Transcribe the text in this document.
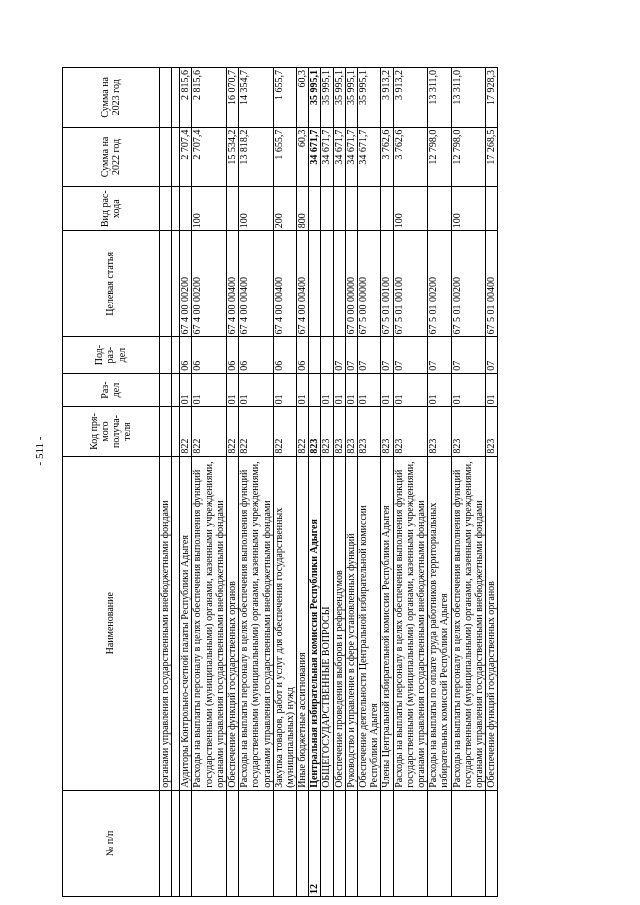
- 511 -
№ п/п	Наименование	Код пря- мого получа- теля	Раз- дел	Под- раз- дел	Целевая статья	Вид рас- хода	Сумма на 2022 год	Сумма на 2023 год
	органами управления государственными внебюджетными фондами							

	Аудиторы Контрольно-счетной палаты Республики Адыгея	822	01	06	67 4 00 00200		2 707,4	2 815,6
	Расходы на выплаты персоналу в целях обеспечения выполнения функций государственными (муниципальными) органами, казенными учреждениями, органами управления государственными внебюджетными фондами	822	01	06	67 4 00 00200	100	2 707,4	2 815,6
	Обеспечение функций государственных органов	822	01	06	67 4 00 00400		15 534,2	16 070,7
	Расходы на выплаты персоналу в целях обеспечения выполнения функций государственными (муниципальными) органами, казенными учреждениями, органами управления государственными внебюджетными фондами	822	01	06	67 4 00 00400	100	13 818,2	14 354,7
	Закупка товаров, работ и услуг для обеспечения государственных (муниципальных) нужд	822	01	06	67 4 00 00400	200	1 655,7	1 655,7
	Иные бюджетные ассигнования	822	01	06	67 4 00 00400	800	60,3	60,3
12	Центральная избирательная комиссия Республики Адыгея	823					34 671,7	35 995,1
	ОБЩЕГОСУДАРСТВЕННЫЕ ВОПРОСЫ	823	01				34 671,7	35 995,1
	Обеспечение проведения выборов и референдумов	823	01	07			34 671,7	35 995,1
	Руководство и управление в сфере установленных функций	823	01	07	67 0 00 00000		34 671,7	35 995,1
	Обеспечение деятельности Центральной избирательной комиссии Республики Адыгея	823	01	07	67 5 00 00000		34 671,7	35 995,1
	Члены Центральной избирательной комиссии Республики Адыгея	823	01	07	67 5 01 00100		3 762,6	3 913,2
	Расходы на выплаты персоналу в целях обеспечения выполнения функций государственными (муниципальными) органами, казенными учреждениями, органами управления государственными внебюджетными фондами	823	01	07	67 5 01 00100	100	3 762,6	3 913,2
	Расходы на выплаты по оплате труда работников территориальных избирательных комиссий Республики Адыгея	823	01	07	67 5 01 00200		12 798,0	13 311,0
	Расходы на выплаты персоналу в целях обеспечения выполнения функций государственными (муниципальными) органами, казенными учреждениями, органами управления государственными внебюджетными фондами	823	01	07	67 5 01 00200	100	12 798,0	13 311,0
	Обеспечение функций государственных органов	823	01	07	67 5 01 00400		17 268,5	17 928,3
